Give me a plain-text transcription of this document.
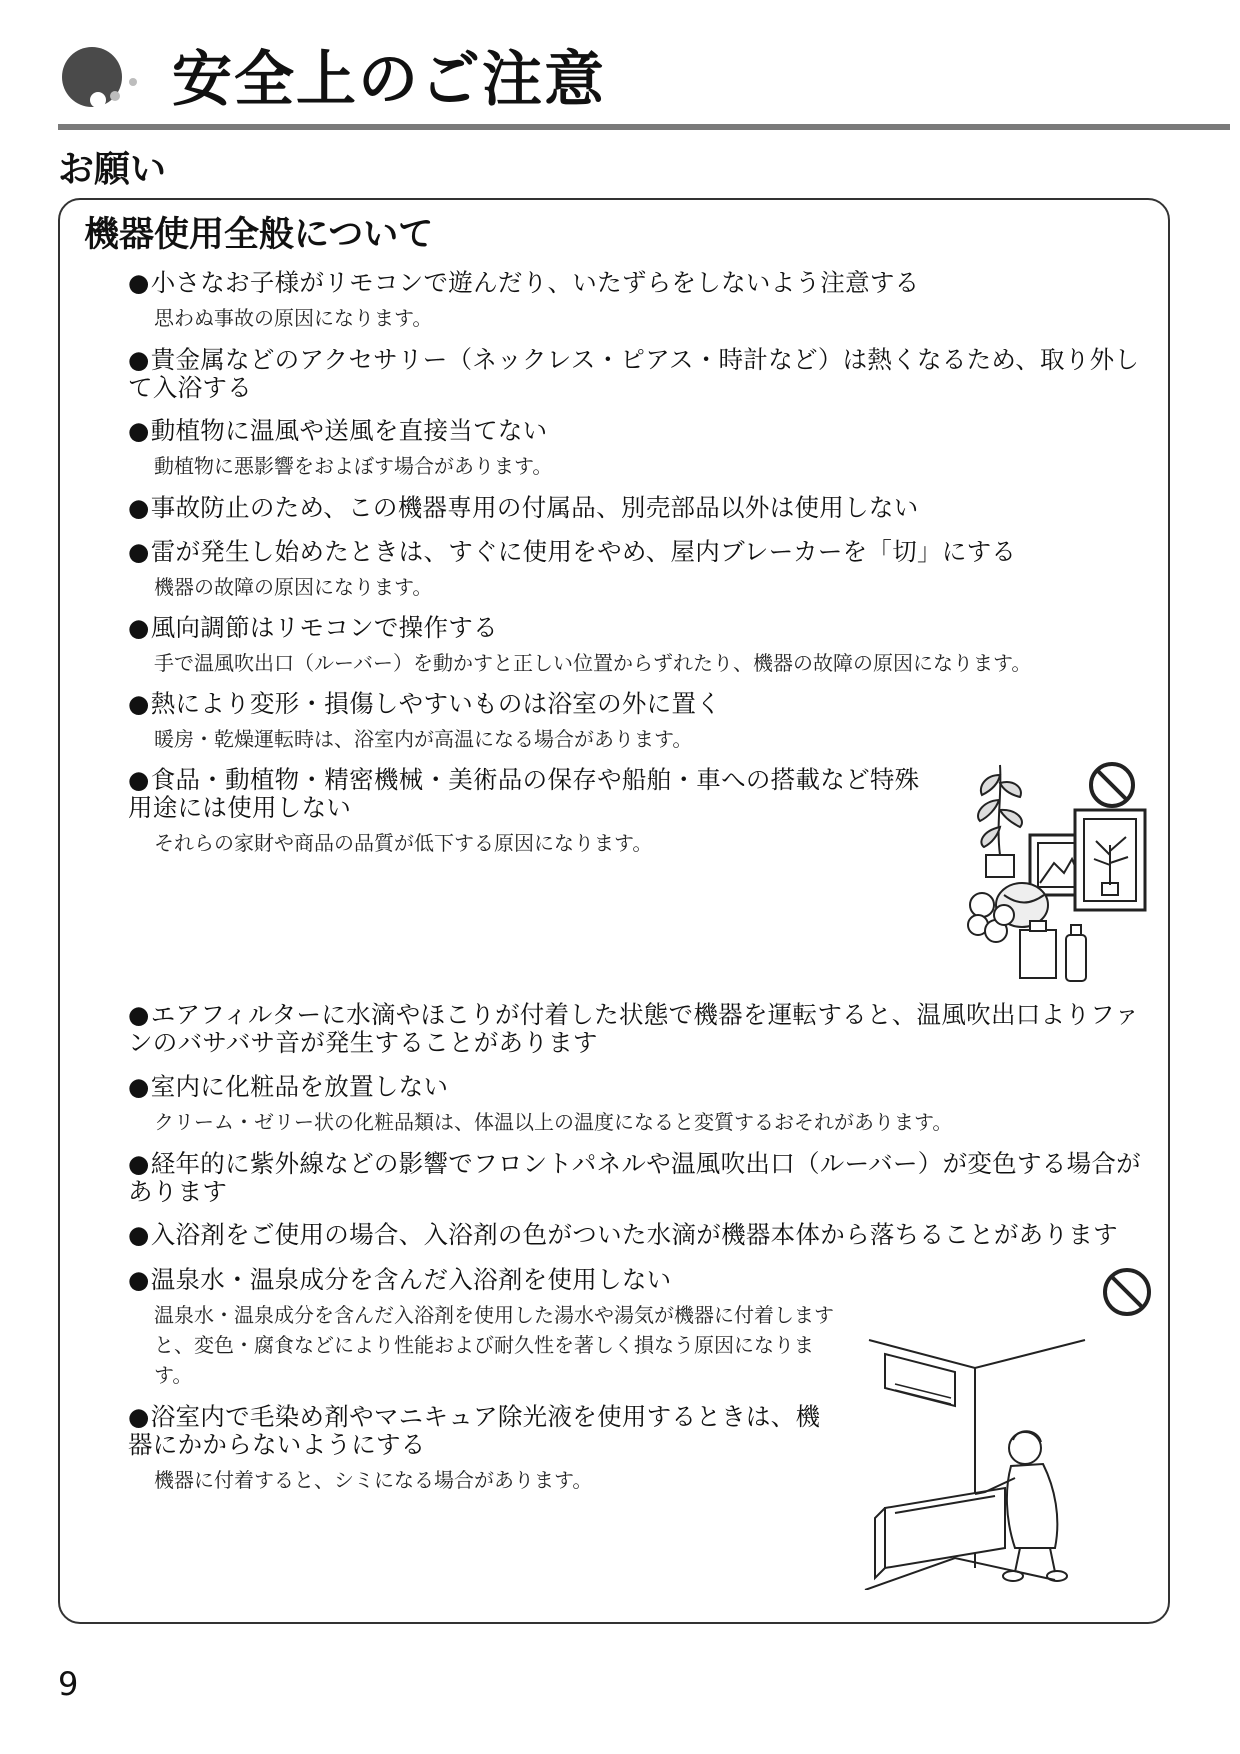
安全上のご注意
お願い
機器使用全般について

●小さなお子様がリモコンで遊んだり、いたずらをしないよう注意する

思わぬ事故の原因になります。

●貴金属などのアクセサリー（ネックレス・ピアス・時計など）は熱くなるため、取り外して入浴する

●動植物に温風や送風を直接当てない

動植物に悪影響をおよぼす場合があります。

●事故防止のため、この機器専用の付属品、別売部品以外は使用しない

●雷が発生し始めたときは、すぐに使用をやめ、屋内ブレーカーを「切」にする

機器の故障の原因になります。

●風向調節はリモコンで操作する

手で温風吹出口（ルーバー）を動かすと正しい位置からずれたり、機器の故障の原因になります。

●熱により変形・損傷しやすいものは浴室の外に置く

暖房・乾燥運転時は、浴室内が高温になる場合があります。

●食品・動植物・精密機械・美術品の保存や船舶・車への搭載など特殊用途には使用しない

それらの家財や商品の品質が低下する原因になります。

●エアフィルターに水滴やほこりが付着した状態で機器を運転すると、温風吹出口よりファンのバサバサ音が発生することがあります

●室内に化粧品を放置しない

クリーム・ゼリー状の化粧品類は、体温以上の温度になると変質するおそれがあります。

●経年的に紫外線などの影響でフロントパネルや温風吹出口（ルーバー）が変色する場合があります

●入浴剤をご使用の場合、入浴剤の色がついた水滴が機器本体から落ちることがあります

●温泉水・温泉成分を含んだ入浴剤を使用しない

温泉水・温泉成分を含んだ入浴剤を使用した湯水や湯気が機器に付着しますと、変色・腐食などにより性能および耐久性を著しく損なう原因になります。

●浴室内で毛染め剤やマニキュア除光液を使用するときは、機器にかからないようにする

機器に付着すると、シミになる場合があります。

9
